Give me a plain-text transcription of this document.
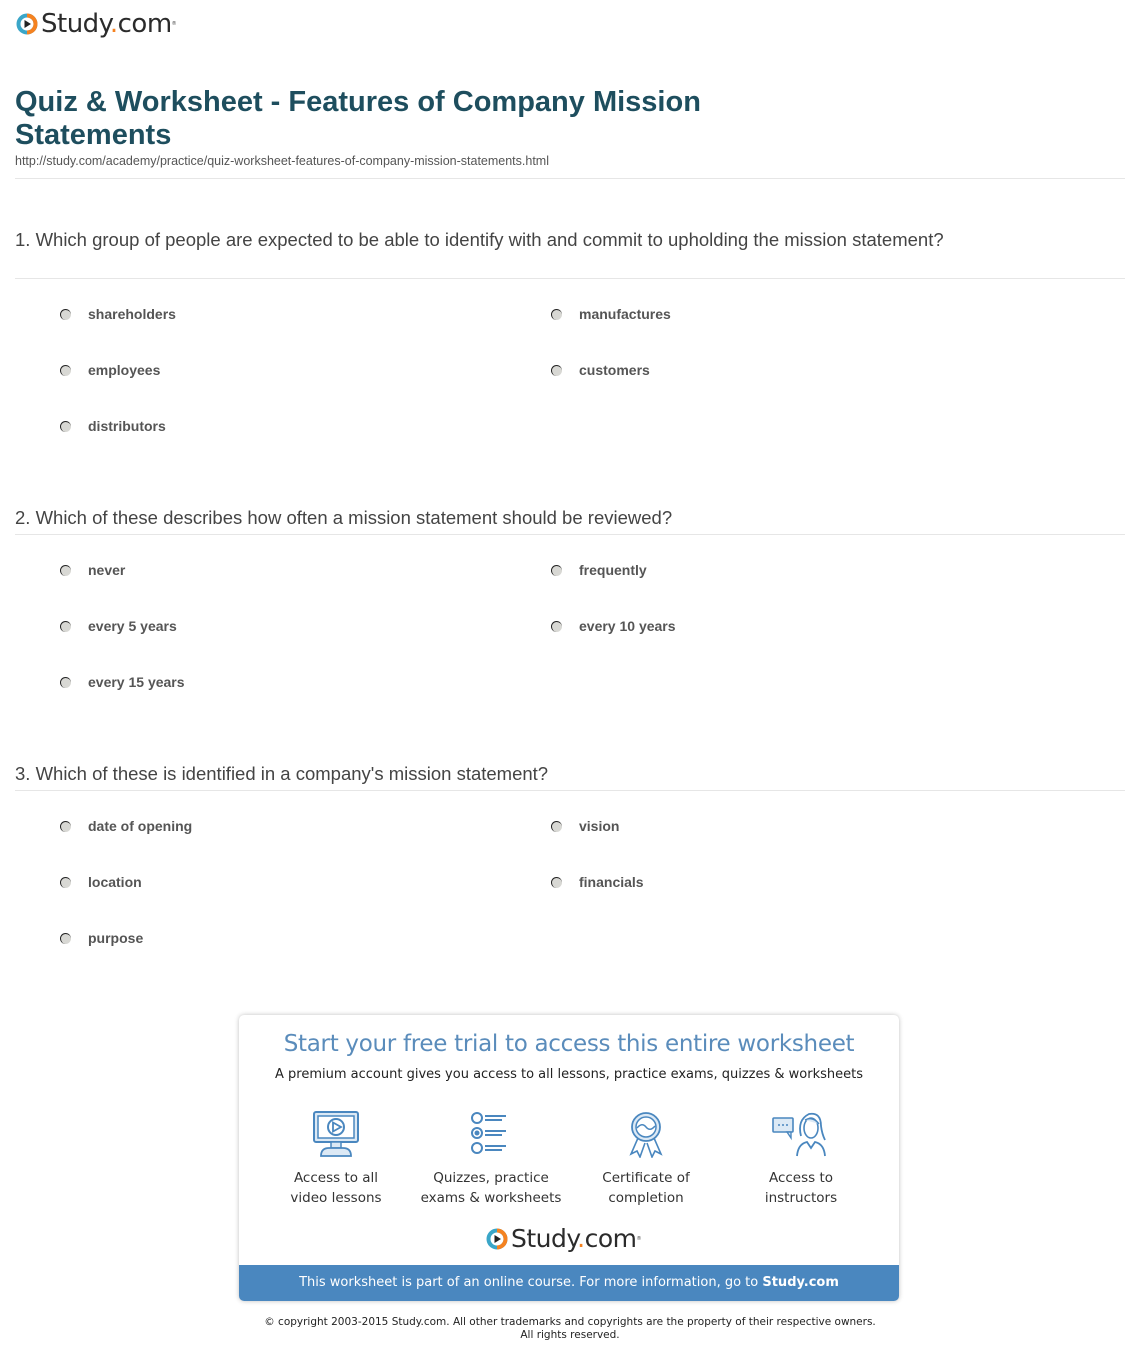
Study.com®
Quiz & Worksheet - Features of Company Mission Statements
http://study.com/academy/practice/quiz-worksheet-features-of-company-mission-statements.html
1. Which group of people are expected to be able to identify with and commit to upholding the mission statement?
shareholders	manufactures
employees	customers
distributors
2. Which of these describes how often a mission statement should be reviewed?
never	frequently
every 5 years	every 10 years
every 15 years
3. Which of these is identified in a company's mission statement?
date of opening	vision
location	financials
purpose
Start your free trial to access this entire worksheet
A premium account gives you access to all lessons, practice exams, quizzes & worksheets
Access to all
video lessons
Quizzes, practice
exams & worksheets
Certificate of
completion
Access to
instructors
Study.com®
This worksheet is part of an online course. For more information, go to Study.com
© copyright 2003-2015 Study.com. All other trademarks and copyrights are the property of their respective owners.
All rights reserved.
